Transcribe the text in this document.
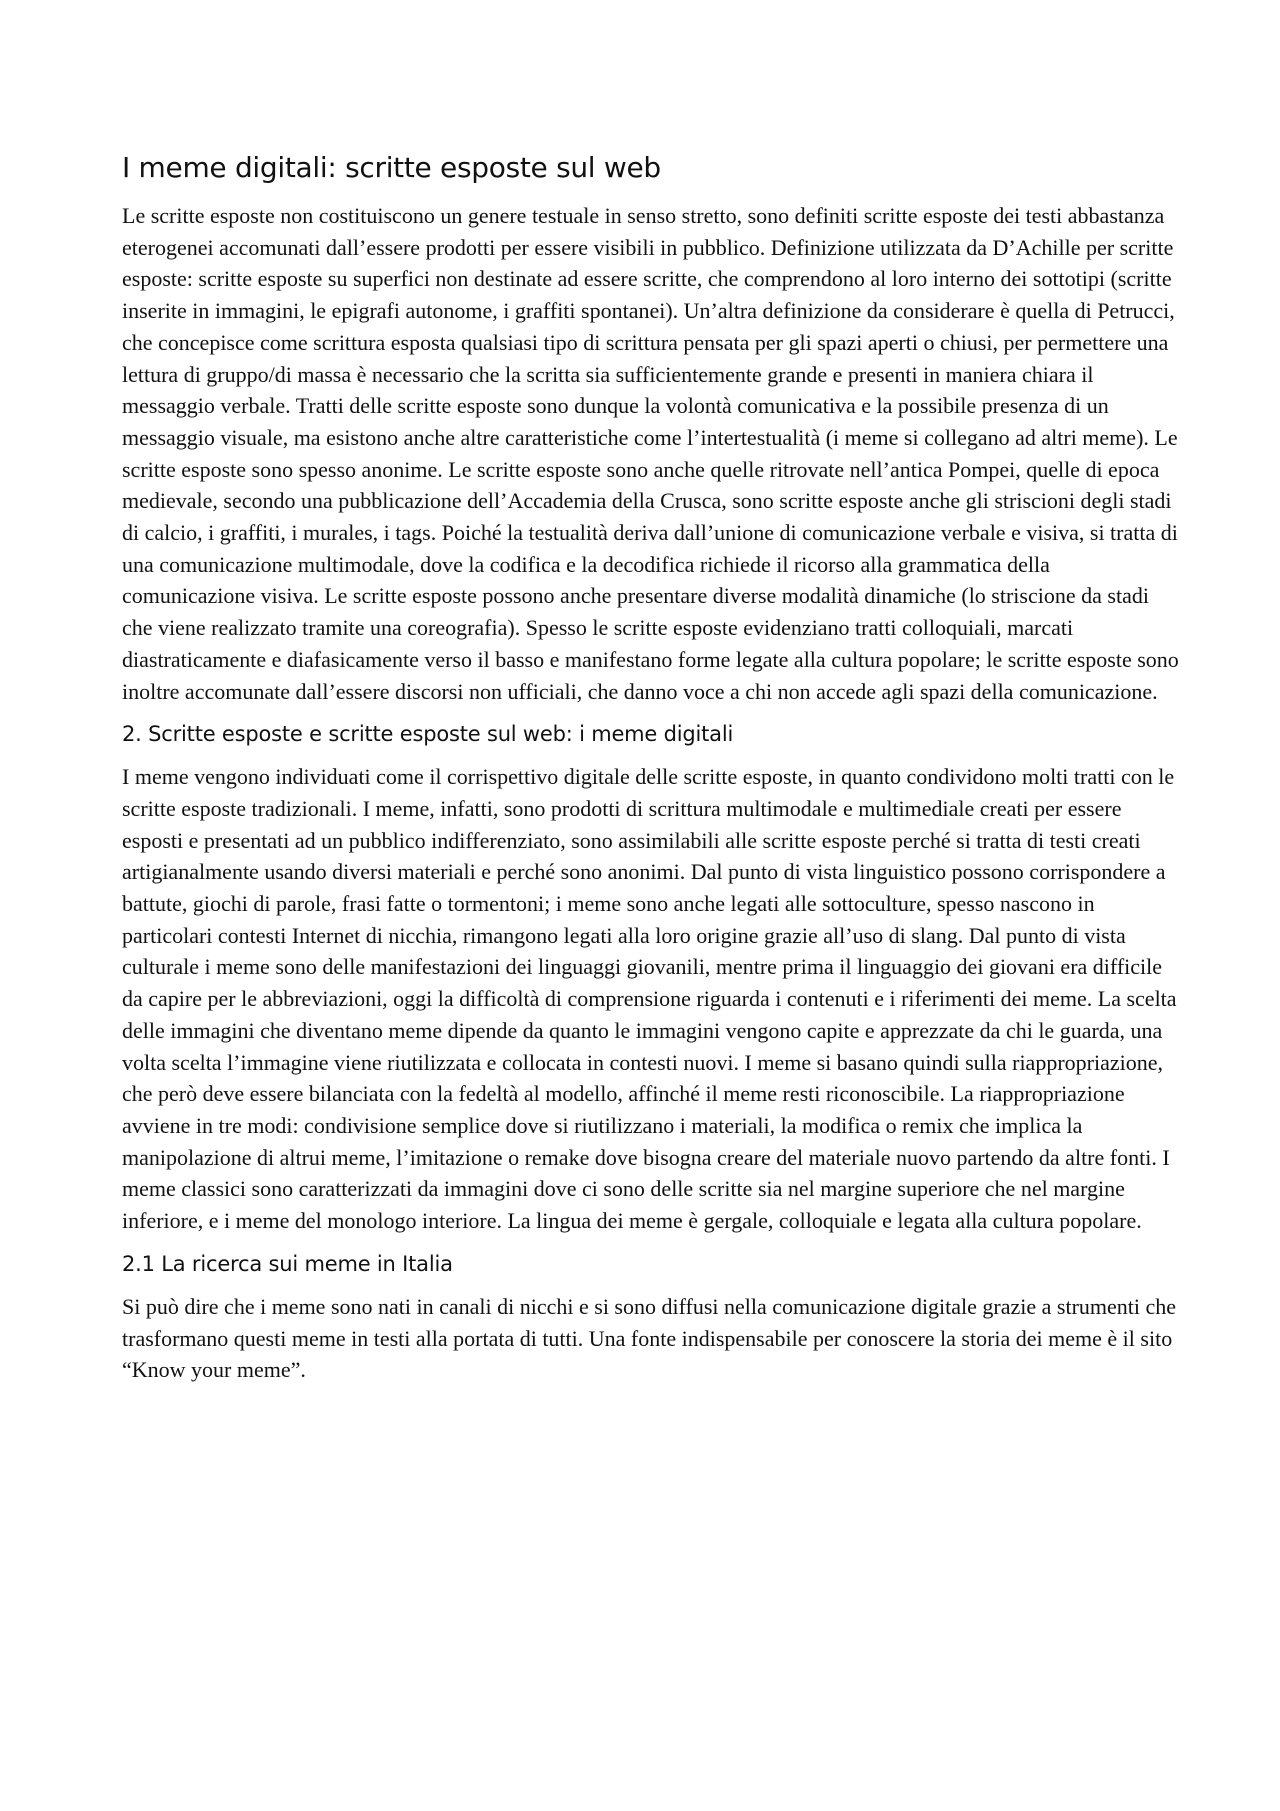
I meme digitali: scritte esposte sul web

Le scritte esposte non costituiscono un genere testuale in senso stretto, sono definiti scritte esposte dei testi abbastanza eterogenei accomunati dall’essere prodotti per essere visibili in pubblico. Definizione utilizzata da D’Achille per scritte esposte: scritte esposte su superfici non destinate ad essere scritte, che comprendono al loro interno dei sottotipi (scritte inserite in immagini, le epigrafi autonome, i graffiti spontanei). Un’altra definizione da considerare è quella di Petrucci, che concepisce come scrittura esposta qualsiasi tipo di scrittura pensata per gli spazi aperti o chiusi, per permettere una lettura di gruppo/di massa è necessario che la scritta sia sufficientemente grande e presenti in maniera chiara il messaggio verbale. Tratti delle scritte esposte sono dunque la volontà comunicativa e la possibile presenza di un messaggio visuale, ma esistono anche altre caratteristiche come l’intertestualità (i meme si collegano ad altri meme). Le scritte esposte sono spesso anonime. Le scritte esposte sono anche quelle ritrovate nell’antica Pompei, quelle di epoca medievale, secondo una pubblicazione dell’Accademia della Crusca, sono scritte esposte anche gli striscioni degli stadi di calcio, i graffiti, i murales, i tags. Poiché la testualità deriva dall’unione di comunicazione verbale e visiva, si tratta di una comunicazione multimodale, dove la codifica e la decodifica richiede il ricorso alla grammatica della comunicazione visiva. Le scritte esposte possono anche presentare diverse modalità dinamiche (lo striscione da stadi che viene realizzato tramite una coreografia). Spesso le scritte esposte evidenziano tratti colloquiali, marcati diastraticamente e diafasicamente verso il basso e manifestano forme legate alla cultura popolare; le scritte esposte sono inoltre accomunate dall’essere discorsi non ufficiali, che danno voce a chi non accede agli spazi della comunicazione.

2. Scritte esposte e scritte esposte sul web: i meme digitali

I meme vengono individuati come il corrispettivo digitale delle scritte esposte, in quanto condividono molti tratti con le scritte esposte tradizionali. I meme, infatti, sono prodotti di scrittura multimodale e multimediale creati per essere esposti e presentati ad un pubblico indifferenziato, sono assimilabili alle scritte esposte perché si tratta di testi creati artigianalmente usando diversi materiali e perché sono anonimi. Dal punto di vista linguistico possono corrispondere a battute, giochi di parole, frasi fatte o tormentoni; i meme sono anche legati alle sottoculture, spesso nascono in particolari contesti Internet di nicchia, rimangono legati alla loro origine grazie all’uso di slang. Dal punto di vista culturale i meme sono delle manifestazioni dei linguaggi giovanili, mentre prima il linguaggio dei giovani era difficile da capire per le abbreviazioni, oggi la difficoltà di comprensione riguarda i contenuti e i riferimenti dei meme. La scelta delle immagini che diventano meme dipende da quanto le immagini vengono capite e apprezzate da chi le guarda, una volta scelta l’immagine viene riutilizzata e collocata in contesti nuovi. I meme si basano quindi sulla riappropriazione, che però deve essere bilanciata con la fedeltà al modello, affinché il meme resti riconoscibile. La riappropriazione avviene in tre modi: condivisione semplice dove si riutilizzano i materiali, la modifica o remix che implica la manipolazione di altrui meme, l’imitazione o remake dove bisogna creare del materiale nuovo partendo da altre fonti. I meme classici sono caratterizzati da immagini dove ci sono delle scritte sia nel margine superiore che nel margine inferiore, e i meme del monologo interiore. La lingua dei meme è gergale, colloquiale e legata alla cultura popolare.

2.1 La ricerca sui meme in Italia

Si può dire che i meme sono nati in canali di nicchi e si sono diffusi nella comunicazione digitale grazie a strumenti che trasformano questi meme in testi alla portata di tutti. Una fonte indispensabile per conoscere la storia dei meme è il sito “Know your meme”.
